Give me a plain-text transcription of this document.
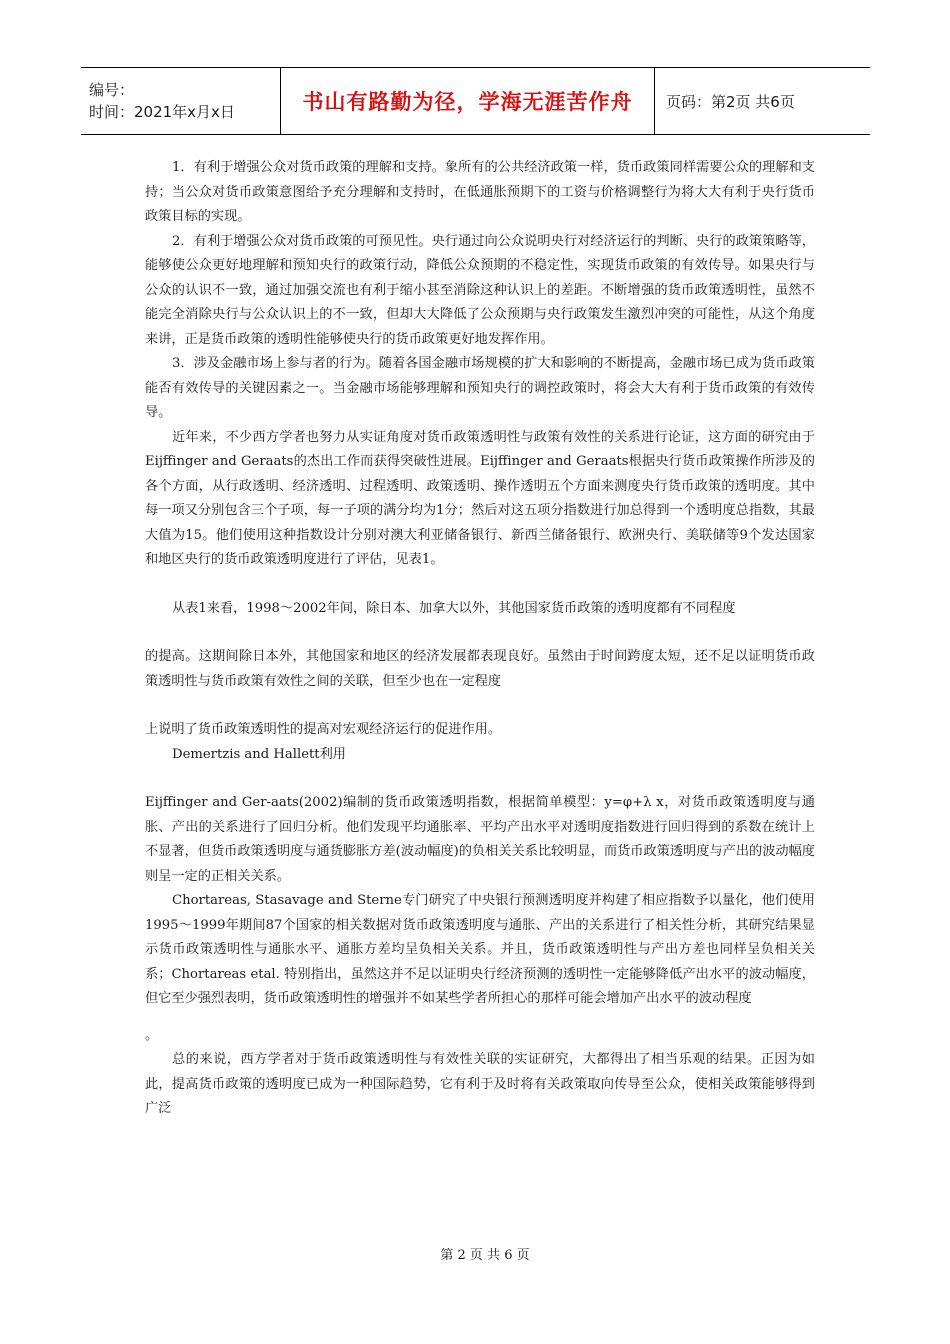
编号：
时间：2021年x月x日	书山有路勤为径，学海无涯苦作舟 页码：第2页 共6页

1．有利于增强公众对货币政策的理解和支持。象所有的公共经济政策一样，货币政策同样需要公众的理解和支持；当公众对货币政策意图给予充分理解和支持时，在低通胀预期下的工资与价格调整行为将大大有利于央行货币政策目标的实现。

2．有利于增强公众对货币政策的可预见性。央行通过向公众说明央行对经济运行的判断、央行的政策策略等，能够使公众更好地理解和预知央行的政策行动，降低公众预期的不稳定性，实现货币政策的有效传导。如果央行与公众的认识不一致，通过加强交流也有利于缩小甚至消除这种认识上的差距。不断增强的货币政策透明性，虽然不能完全消除央行与公众认识上的不一致，但却大大降低了公众预期与央行政策发生激烈冲突的可能性，从这个角度来讲，正是货币政策的透明性能够使央行的货币政策更好地发挥作用。

3．涉及金融市场上参与者的行为。随着各国金融市场规模的扩大和影响的不断提高，金融市场已成为货币政策能否有效传导的关键因素之一。当金融市场能够理解和预知央行的调控政策时，将会大大有利于货币政策的有效传导。

近年来，不少西方学者也努力从实证角度对货币政策透明性与政策有效性的关系进行论证，这方面的研究由于Eijffinger and Geraats的杰出工作而获得突破性进展。Eijffinger and Geraats根据央行货币政策操作所涉及的各个方面，从行政透明、经济透明、过程透明、政策透明、操作透明五个方面来测度央行货币政策的透明度。其中每一项又分别包含三个子项，每一子项的满分均为1分；然后对这五项分指数进行加总得到一个透明度总指数，其最大值为15。他们使用这种指数设计分别对澳大利亚储备银行、新西兰储备银行、欧洲央行、美联储等9个发达国家和地区央行的货币政策透明度进行了评估，见表1。

从表1来看，1998～2002年间，除日本、加拿大以外，其他国家货币政策的透明度都有不同程度

的提高。这期间除日本外，其他国家和地区的经济发展都表现良好。虽然由于时间跨度太短，还不足以证明货币政策透明性与货币政策有效性之间的关联，但至少也在一定程度

上说明了货币政策透明性的提高对宏观经济运行的促进作用。

Demertzis and Hallett利用

Eijffinger and Ger-aats(2002)编制的货币政策透明指数，根据简单模型：y=φ+λ x，对货币政策透明度与通胀、产出的关系进行了回归分析。他们发现平均通胀率、平均产出水平对透明度指数进行回归得到的系数在统计上不显著，但货币政策透明度与通货膨胀方差(波动幅度)的负相关关系比较明显，而货币政策透明度与产出的波动幅度则呈一定的正相关关系。

Chortareas, Stasavage and Sterne专门研究了中央银行预测透明度并构建了相应指数予以量化，他们使用1995～1999年期间87个国家的相关数据对货币政策透明度与通胀、产出的关系进行了相关性分析，其研究结果显示货币政策透明性与通胀水平、通胀方差均呈负相关关系。并且，货币政策透明性与产出方差也同样呈负相关关系；Chortareas etal. 特别指出，虽然这并不足以证明央行经济预测的透明性一定能够降低产出水平的波动幅度，但它至少强烈表明，货币政策透明性的增强并不如某些学者所担心的那样可能会增加产出水平的波动程度

。

总的来说，西方学者对于货币政策透明性与有效性关联的实证研究，大都得出了相当乐观的结果。正因为如此，提高货币政策的透明度已成为一种国际趋势，它有利于及时将有关政策取向传导至公众，使相关政策能够得到广泛

第 2 页 共 6 页
